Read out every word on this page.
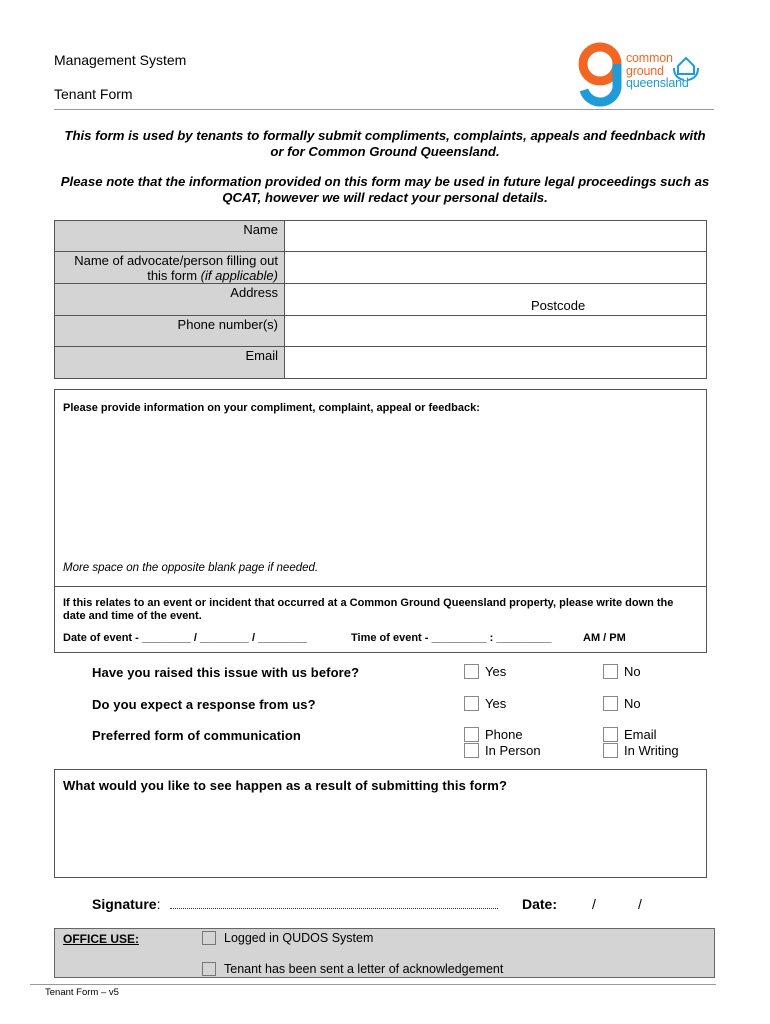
Management System
Tenant Form
common
ground
queensland
This form is used by tenants to formally submit compliments, complaints, appeals and feednback with or for Common Ground Queensland.
Please note that the information provided on this form may be used in future legal proceedings such as QCAT, however we will redact your personal details.
Name	
Name of advocate/person filling out this form (if applicable)	
Address	Postcode

Phone number(s)	
Email	
Please provide information on your compliment, complaint, appeal or feedback:
More space on the opposite blank page if needed.
If this relates to an event or incident that occurred at a Common Ground Queensland property, please write down the date and time of the event.
Date of event - ________ / ________ / ________	Time of event - _________ : _________	AM / PM
Have you raised this issue with us before?	Yes	No
Do you expect a response from us?	Yes	No
Preferred form of communication	Phone	Email
In Person	In Writing
What would you like to see happen as a result of submitting this form?
Signature:	Date: /	/
OFFICE USE:	Logged in QUDOS System
Tenant has been sent a letter of acknowledgement
Tenant Form – v5
